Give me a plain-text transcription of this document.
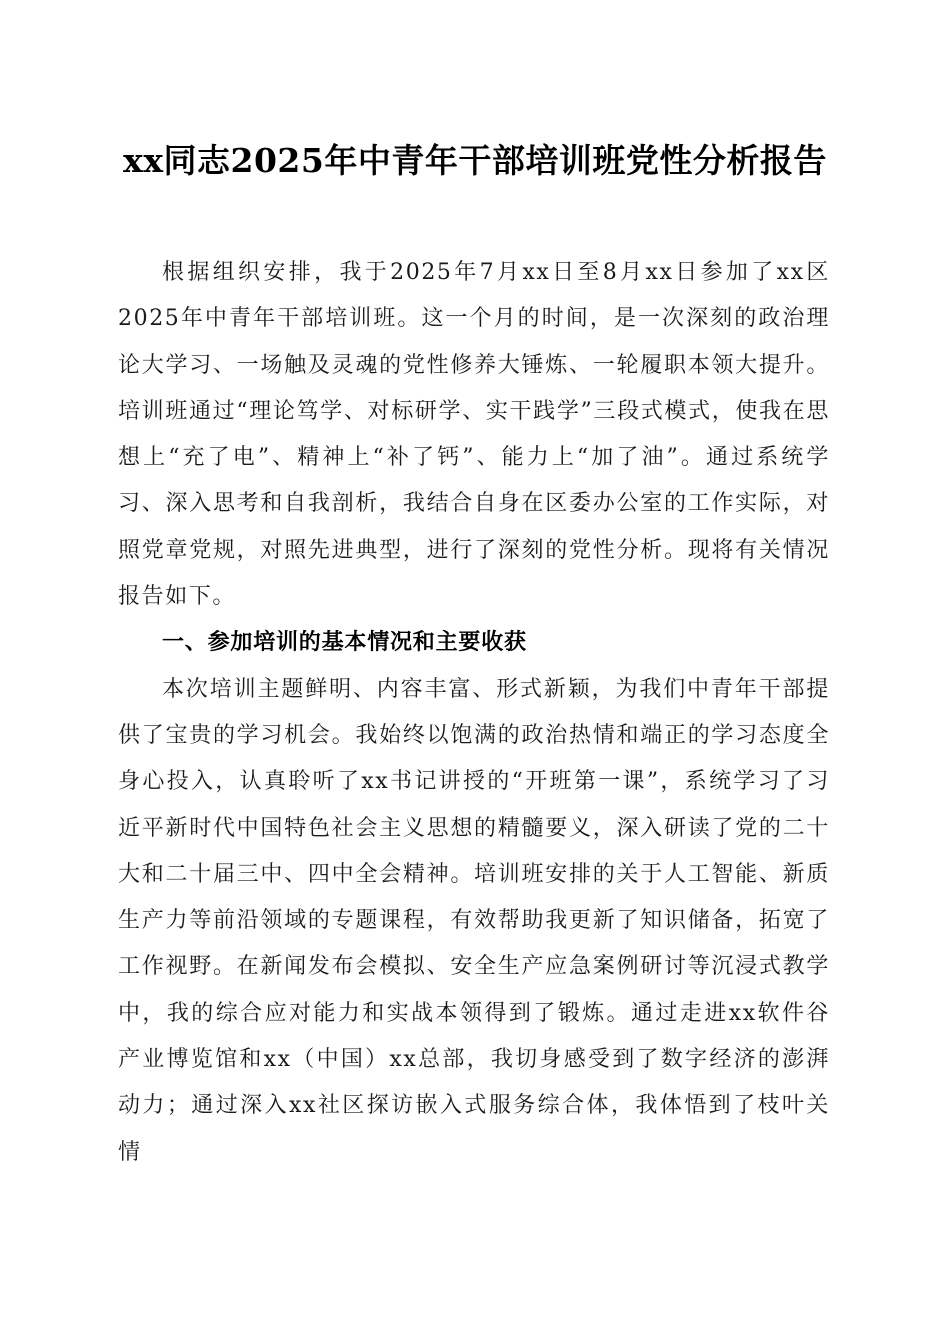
xx同志2025年中青年干部培训班党性分析报告

根据组织安排，我于2025年7月xx日至8月xx日参加了xx区2025年中青年干部培训班。这一个月的时间，是一次深刻的政治理论大学习、一场触及灵魂的党性修养大锤炼、一轮履职本领大提升。培训班通过“理论笃学、对标研学、实干践学”三段式模式，使我在思想上“充了电”、精神上“补了钙”、能力上“加了油”。通过系统学习、深入思考和自我剖析，我结合自身在区委办公室的工作实际，对照党章党规，对照先进典型，进行了深刻的党性分析。现将有关情况报告如下。

一、参加培训的基本情况和主要收获

本次培训主题鲜明、内容丰富、形式新颖，为我们中青年干部提供了宝贵的学习机会。我始终以饱满的政治热情和端正的学习态度全身心投入，认真聆听了xx书记讲授的“开班第一课”，系统学习了习近平新时代中国特色社会主义思想的精髓要义，深入研读了党的二十大和二十届三中、四中全会精神。培训班安排的关于人工智能、新质生产力等前沿领域的专题课程，有效帮助我更新了知识储备，拓宽了工作视野。在新闻发布会模拟、安全生产应急案例研讨等沉浸式教学中，我的综合应对能力和实战本领得到了锻炼。通过走进xx软件谷产业博览馆和xx（中国）xx总部，我切身感受到了数字经济的澎湃动力；通过深入xx社区探访嵌入式服务综合体，我体悟到了枝叶关情
